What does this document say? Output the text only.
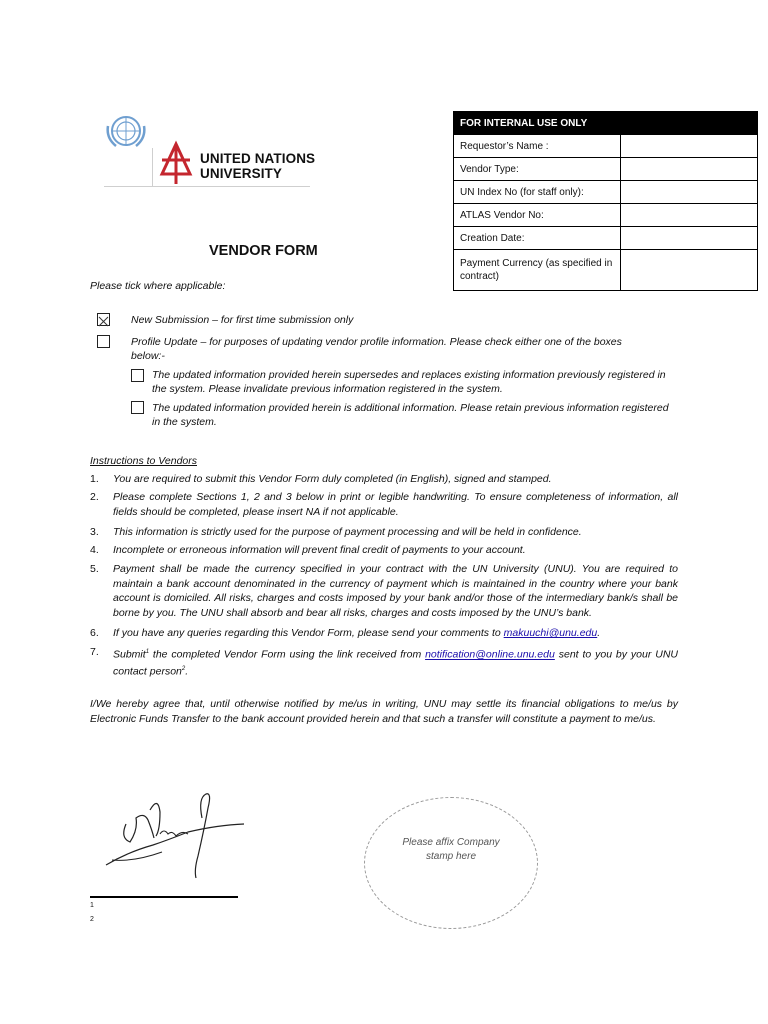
UNITED NATIONS
UNIVERSITY
FOR INTERNAL USE ONLY	
Requestor’s Name :	
Vendor Type:	
UN Index No (for staff only):	
ATLAS Vendor No:	
Creation Date:	
Payment Currency (as specified in contract)	
VENDOR FORM
Please tick where applicable:
New Submission – for first time submission only
Profile Update – for purposes of updating vendor profile information. Please check either one of the boxes below:-
The updated information provided herein supersedes and replaces existing information previously registered in the system. Please invalidate previous information registered in the system.
The updated information provided herein is additional information. Please retain previous information registered in the system.
Instructions to Vendors
1. You are required to submit this Vendor Form duly completed (in English), signed and stamped.
2. Please complete Sections 1, 2 and 3 below in print or legible handwriting. To ensure completeness of information, all fields should be completed, please insert NA if not applicable.
3. This information is strictly used for the purpose of payment processing and will be held in confidence.
4. Incomplete or erroneous information will prevent final credit of payments to your account.
5. Payment shall be made the currency specified in your contract with the UN University (UNU). You are required to maintain a bank account denominated in the currency of payment which is maintained in the country where your bank account is domiciled. All risks, charges and costs imposed by your bank and/or those of the intermediary bank/s shall be borne by you. The UNU shall absorb and bear all risks, charges and costs imposed by the UNU’s bank.
6. If you have any queries regarding this Vendor Form, please send your comments to makuuchi@unu.edu.
7. Submit$^1$ the completed Vendor Form using the link received from notification@online.unu.edu sent to you by your UNU contact person$^2$.
I/We hereby agree that, until otherwise notified by me/us in writing, UNU may settle its financial obligations to me/us by Electronic Funds Transfer to the bank account provided herein and that such a transfer will constitute a payment to me/us.
Please affix Company
stamp here
1
2
